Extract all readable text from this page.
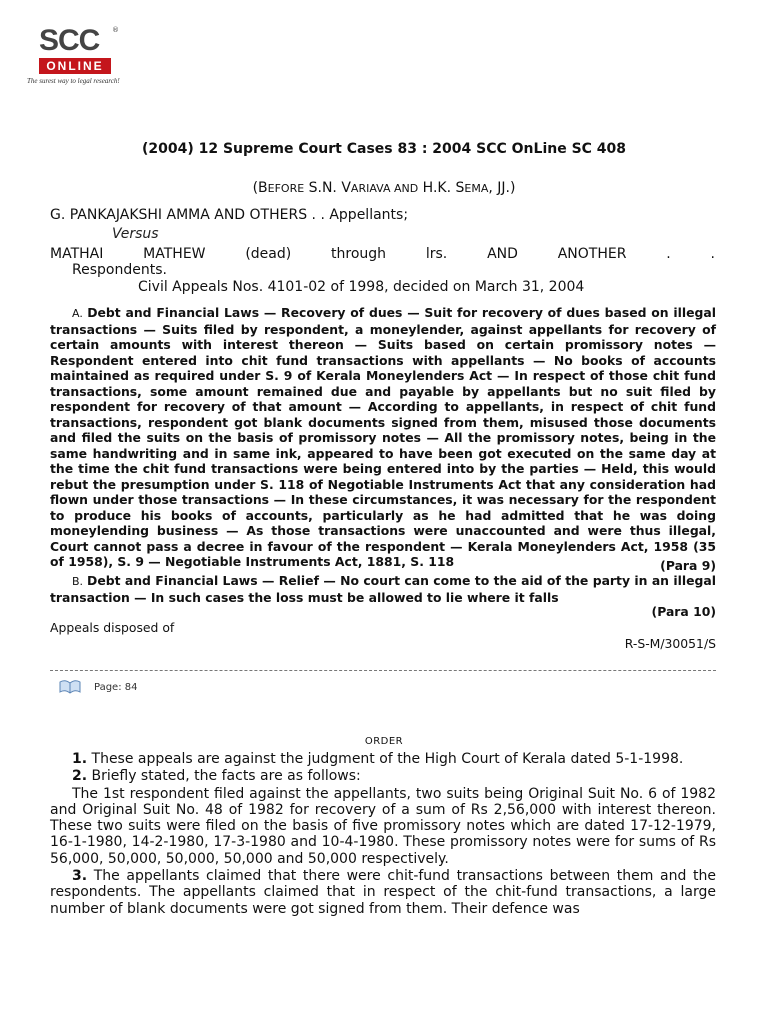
SCC ®
ONLINE
The surest way to legal research!
(2004) 12 Supreme Court Cases 83 : 2004 SCC OnLine SC 408
(BEFORE S.N. VARIAVA AND H.K. SEMA, JJ.)
G. PANKAJAKSHI AMMA AND OTHERS . . Appellants;
Versus
MATHAI	MATHEW	(dead)	through	lrs.	AND	ANOTHER	.	.
Respondents.
Civil Appeals Nos. 4101-02 of 1998, decided on March 31, 2004
A. Debt and Financial Laws — Recovery of dues — Suit for recovery of dues based on illegal transactions — Suits filed by respondent, a moneylender, against appellants for recovery of certain amounts with interest thereon — Suits based on certain promissory notes — Respondent entered into chit fund transactions with appellants — No books of accounts maintained as required under S. 9 of Kerala Moneylenders Act — In respect of those chit fund transactions, some amount remained due and payable by appellants but no suit filed by respondent for recovery of that amount — According to appellants, in respect of chit fund transactions, respondent got blank documents signed from them, misused those documents and filed the suits on the basis of promissory notes — All the promissory notes, being in the same handwriting and in same ink, appeared to have been got executed on the same day at the time the chit fund transactions were being entered into by the parties — Held, this would rebut the presumption under S. 118 of Negotiable Instruments Act that any consideration had flown under those transactions — In these circumstances, it was necessary for the respondent to produce his books of accounts, particularly as he had admitted that he was doing moneylending business — As those transactions were unaccounted and were thus illegal, Court cannot pass a decree in favour of the respondent — Kerala Moneylenders Act, 1958 (35 of 1958), S. 9 — Negotiable Instruments Act, 1881, S. 118	(Para 9)
B. Debt and Financial Laws — Relief — No court can come to the aid of the party in an illegal transaction — In such cases the loss must be allowed to lie where it falls
(Para 10)
Appeals disposed of
R-S-M/30051/S
Page: 84
ORDER

1. These appeals are against the judgment of the High Court of Kerala dated 5-1-1998.

2. Briefly stated, the facts are as follows:

The 1st respondent filed against the appellants, two suits being Original Suit No. 6 of 1982 and Original Suit No. 48 of 1982 for recovery of a sum of Rs 2,56,000 with interest thereon. These two suits were filed on the basis of five promissory notes which are dated 17-12-1979, 16-1-1980, 14-2-1980, 17-3-1980 and 10-4-1980. These promissory notes were for sums of Rs 56,000, 50,000, 50,000, 50,000 and 50,000 respectively.

3. The appellants claimed that there were chit-fund transactions between them and the respondents. The appellants claimed that in respect of the chit-fund transactions, a large number of blank documents were got signed from them. Their defence was
